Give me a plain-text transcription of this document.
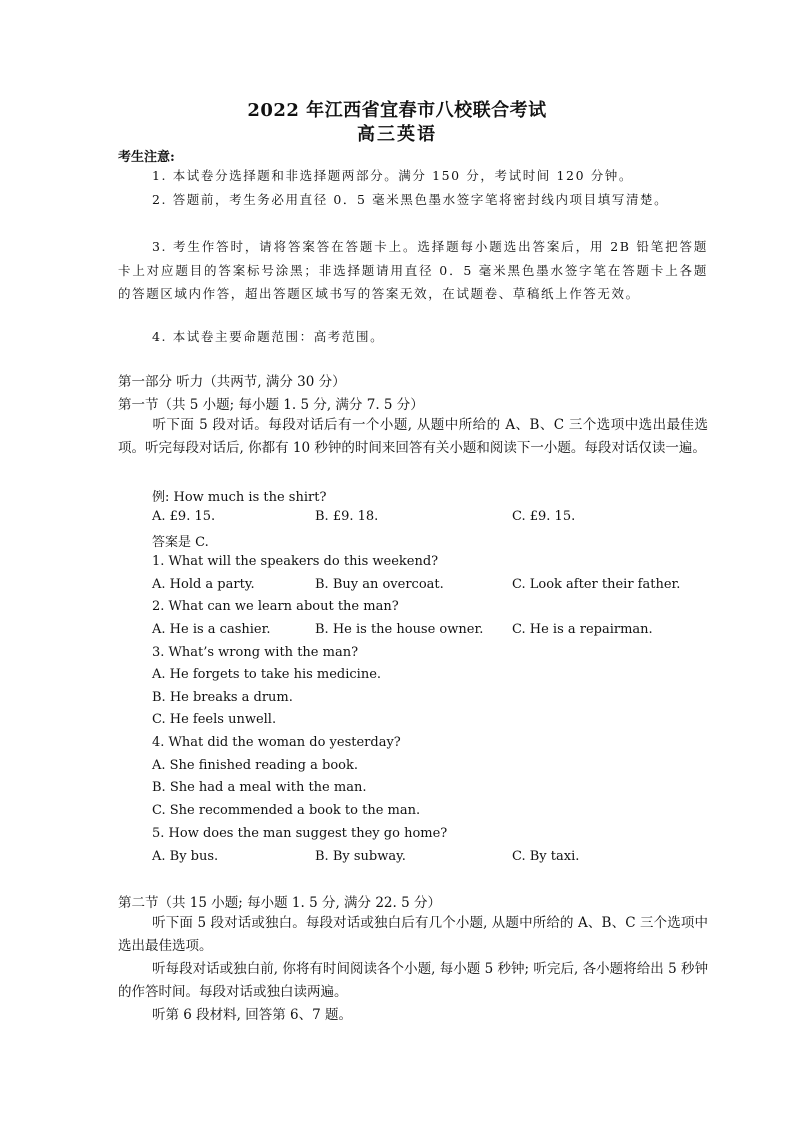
2022 年江西省宜春市八校联合考试
高三英语
考生注意:
1. 本试卷分选择题和非选择题两部分。满分 150 分，考试时间 120 分钟。
2. 答题前，考生务必用直径 0．5 毫米黑色墨水签字笔将密封线内项目填写清楚。
3. 考生作答时，请将答案答在答题卡上。选择题每小题选出答案后，用 2B 铅笔把答题卡上对应题目的答案标号涂黑；非选择题请用直径 0．5 毫米黑色墨水签字笔在答题卡上各题的答题区域内作答，超出答题区域书写的答案无效，在试题卷、草稿纸上作答无效。
4. 本试卷主要命题范围：高考范围。
第一部分 听力（共两节, 满分 30 分）
第一节（共 5 小题; 每小题 1. 5 分, 满分 7. 5 分）
听下面 5 段对话。每段对话后有一个小题, 从题中所给的 A、B、C 三个选项中选出最佳选项。听完每段对话后, 你都有 10 秒钟的时间来回答有关小题和阅读下一小题。每段对话仅读一遍。
例: How much is the shirt?
A. £9. 15.	B. £9. 18.	C. £9. 15.
答案是 C.
1. What will the speakers do this weekend?
A. Hold a party.	B. Buy an overcoat.	C. Look after their father.
2. What can we learn about the man?
A. He is a cashier.	B. He is the house owner. C. He is a repairman.
3. What’s wrong with the man?
A. He forgets to take his medicine.
B. He breaks a drum.
C. He feels unwell.
4. What did the woman do yesterday?
A. She finished reading a book.
B. She had a meal with the man.
C. She recommended a book to the man.
5. How does the man suggest they go home?
A. By bus.	B. By subway.	C. By taxi.
第二节（共 15 小题; 每小题 1. 5 分, 满分 22. 5 分）
听下面 5 段对话或独白。每段对话或独白后有几个小题, 从题中所给的 A、B、C 三个选项中选出最佳选项。
听每段对话或独白前, 你将有时间阅读各个小题, 每小题 5 秒钟; 听完后, 各小题将给出 5 秒钟的作答时间。每段对话或独白读两遍。
听第 6 段材料, 回答第 6、7 题。
